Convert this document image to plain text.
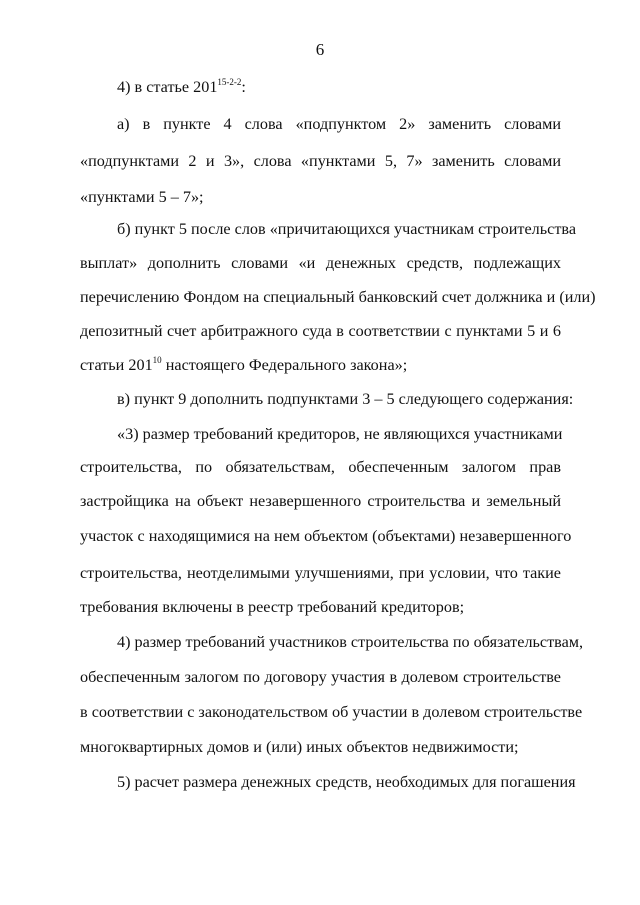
6
4) в статье 201$^{15-2-2}$:
а) в пункте 4 слова «подпунктом 2» заменить словами
«подпунктами 2 и 3», слова «пунктами 5, 7» заменить словами
«пунктами 5 – 7»;
б) пункт 5 после слов «причитающихся участникам строительства
выплат» дополнить словами «и денежных средств, подлежащих
перечислению Фондом на специальный банковский счет должника и (или)
депозитный счет арбитражного суда в соответствии с пунктами 5 и 6
статьи $201^{10}$ настоящего Федерального закона»;
в) пункт 9 дополнить подпунктами 3 – 5 следующего содержания:
«3) размер требований кредиторов, не являющихся участниками
строительства, по обязательствам, обеспеченным залогом прав
застройщика на объект незавершенного строительства и земельный
участок с находящимися на нем объектом (объектами) незавершенного
строительства, неотделимыми улучшениями, при условии, что такие
требования включены в реестр требований кредиторов;
4) размер требований участников строительства по обязательствам,
обеспеченным залогом по договору участия в долевом строительстве
в соответствии с законодательством об участии в долевом строительстве
многоквартирных домов и (или) иных объектов недвижимости;
5) расчет размера денежных средств, необходимых для погашения
